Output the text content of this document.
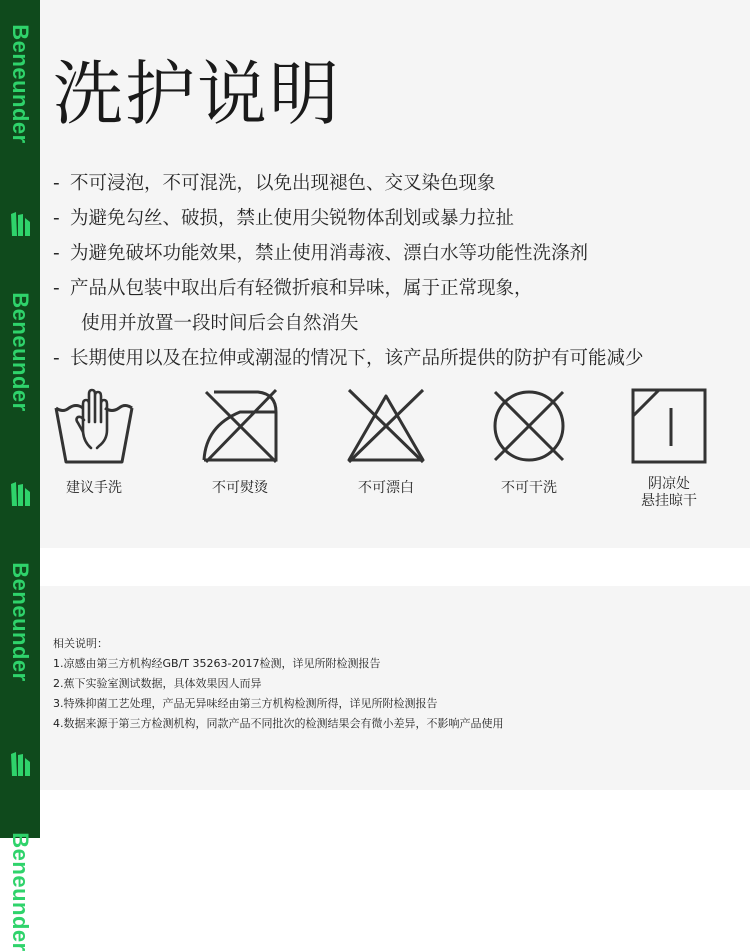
Beneunder
Beneunder
Beneunder
Beneunder
洗护说明
- 不可浸泡，不可混洗，以免出现褪色、交叉染色现象
- 为避免勾丝、破损，禁止使用尖锐物体刮划或暴力拉扯
- 为避免破坏功能效果，禁止使用消毒液、漂白水等功能性洗涤剂
- 产品从包装中取出后有轻微折痕和异味，属于正常现象，
使用并放置一段时间后会自然消失
- 长期使用以及在拉伸或潮湿的情况下，该产品所提供的防护有可能减少
建议手洗	不可熨烫	不可漂白	不可干洗	阴凉处
悬挂晾干
相关说明：
1.凉感由第三方机构经GB/T 35263-2017检测，详见所附检测报告
2.蕉下实验室测试数据，具体效果因人而异
3.特殊抑菌工艺处理，产品无异味经由第三方机构检测所得，详见所附检测报告
4.数据来源于第三方检测机构，同款产品不同批次的检测结果会有微小差异，不影响产品使用
